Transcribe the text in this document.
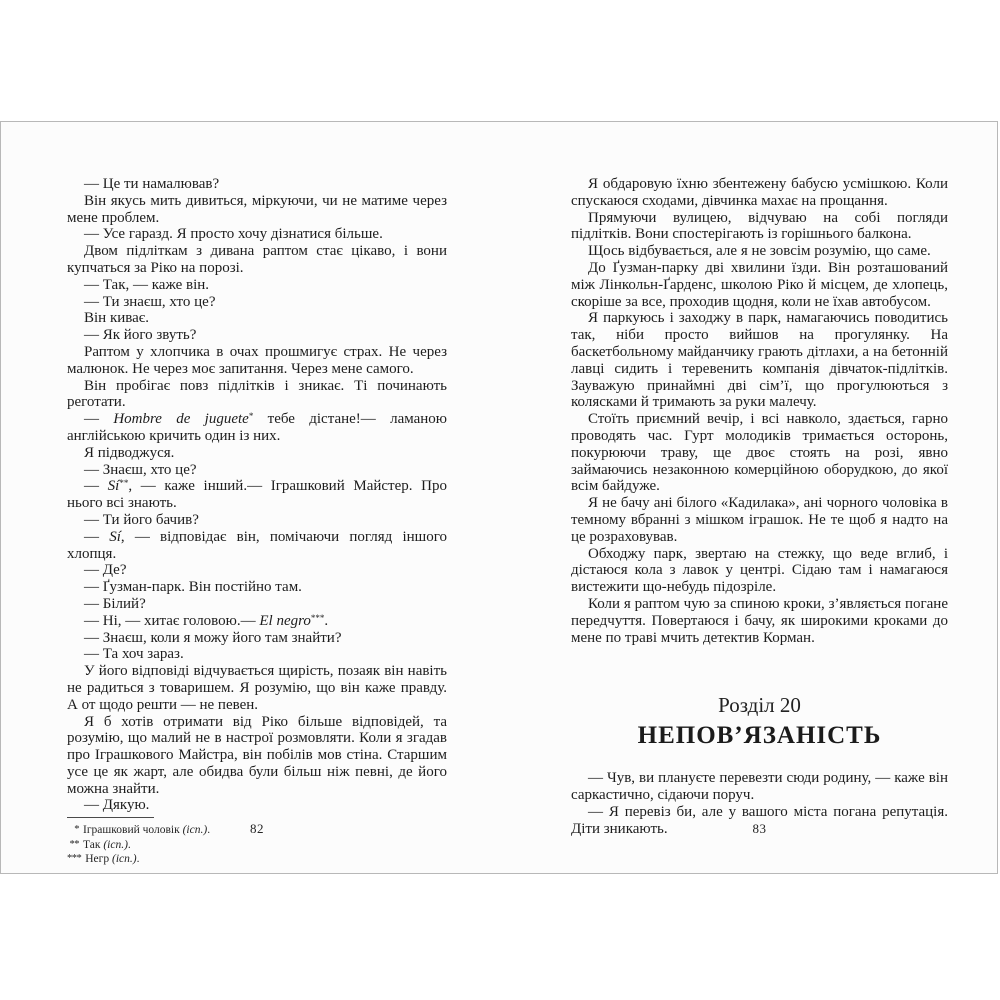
— Це ти намалював?

Він якусь мить дивиться, міркуючи, чи не матиме через мене проблем.

— Усе гаразд. Я просто хочу дізнатися більше.

Двом підліткам з дивана раптом стає цікаво, і вони купчаться за Ріко на порозі.

— Так, — каже він.

— Ти знаєш, хто це?

Він киває.

— Як його звуть?

Раптом у хлопчика в очах прошмигує страх. Не через малюнок. Не через моє запитання. Через мене самого.

Він пробігає повз підлітків і зникає. Ті починають реготати.

— Hombre de juguete* тебе дістане!— ламаною англійською кричить один із них.

Я підводжуся.

— Знаєш, хто це?

— Sí**, — каже інший.— Іграшковий Майстер. Про нього всі знають.

— Ти його бачив?

— Sí, — відповідає він, помічаючи погляд іншого хлопця.

— Де?

— Ґузман-парк. Він постійно там.

— Білий?

— Ні, — хитає головою.— El negro***.

— Знаєш, коли я можу його там знайти?

— Та хоч зараз.

У його відповіді відчувається щирість, позаяк він навіть не радиться з товаришем. Я розумію, що він каже правду. А от щодо решти — не певен.

Я б хотів отримати від Ріко більше відповідей, та розумію, що малий не в настрої розмовляти. Коли я згадав про Іграшкового Майстра, він побілів мов стіна. Старшим усе це як жарт, але обидва були більш ніж певні, де його можна знайти.

— Дякую.

* Іграшковий чоловік (ісп.).
** Так (ісп.).
*** Негр (ісп.).
82

Я обдаровую їхню збентежену бабусю усмішкою. Коли спускаюся сходами, дівчинка махає на прощання.

Прямуючи вулицею, відчуваю на собі погляди підлітків. Вони спостерігають із горішнього балкона.

Щось відбувається, але я не зовсім розумію, що саме.

До Ґузман-парку дві хвилини їзди. Він розташований між Лінкольн-Ґарденс, школою Ріко й місцем, де хлопець, скоріше за все, проходив щодня, коли не їхав автобусом.

Я паркуюсь і заходжу в парк, намагаючись поводитись так, ніби просто вийшов на прогулянку. На баскетбольному майданчику грають дітлахи, а на бетонній лавці сидить і теревенить компанія дівчаток-підлітків. Зауважую принаймні дві сім’ї, що прогулюються з колясками й тримають за руки малечу.

Стоїть приємний вечір, і всі навколо, здається, гарно проводять час. Гурт молодиків тримається осторонь, покурюючи траву, ще двоє стоять на розі, явно займаючись незаконною комерційною оборудкою, до якої всім байдуже.

Я не бачу ані білого «Кадилака», ані чорного чоловіка в темному вбранні з мішком іграшок. Не те щоб я надто на це розраховував.

Обходжу парк, звертаю на стежку, що веде вглиб, і дістаюся кола з лавок у центрі. Сідаю там і намагаюся вистежити що-небудь підозріле.

Коли я раптом чую за спиною кроки, з’являється погане передчуття. Повертаюся і бачу, як широкими кроками до мене по траві мчить детектив Корман.

Розділ 20
НЕПОВ’ЯЗАНІСТЬ

— Чув, ви плануєте перевезти сюди родину, — каже він саркастично, сідаючи поруч.

— Я перевіз би, але у вашого міста погана репутація. Діти зникають.	83
